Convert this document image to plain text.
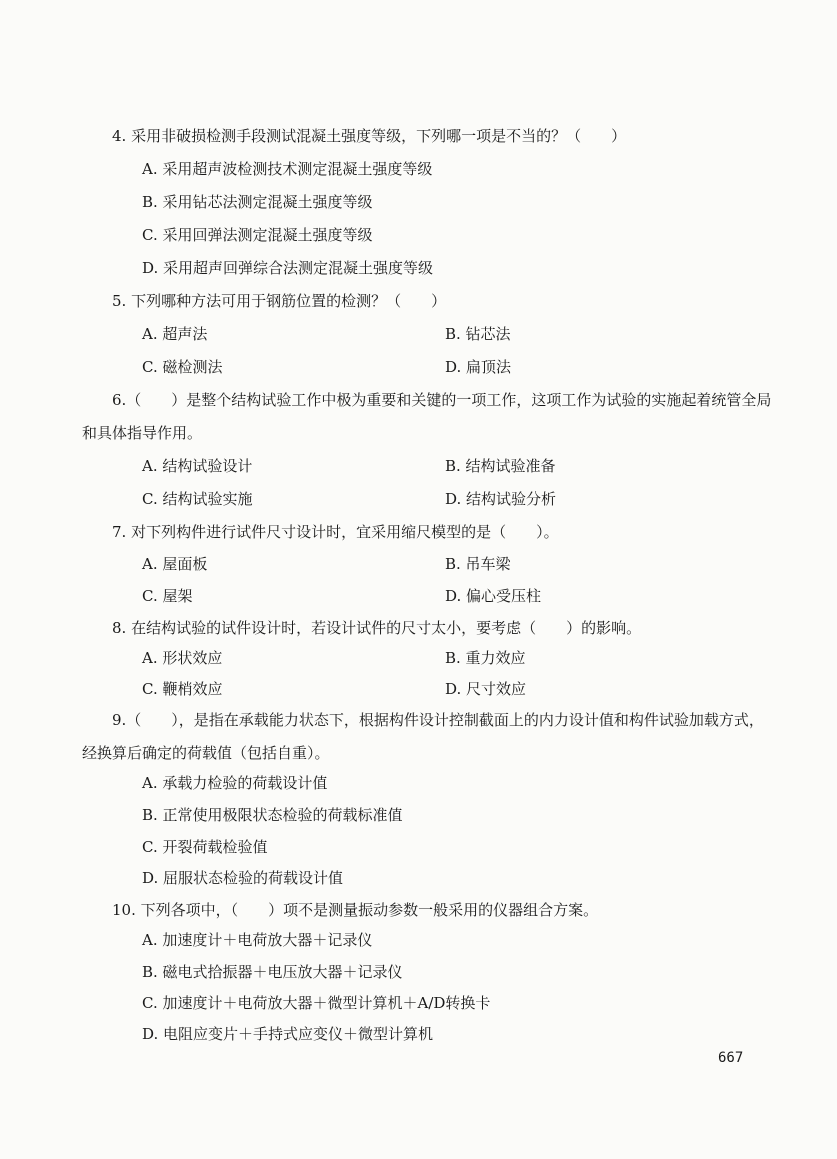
4. 采用非破损检测手段测试混凝土强度等级，下列哪一项是不当的？（　　）
A. 采用超声波检测技术测定混凝土强度等级
B. 采用钻芯法测定混凝土强度等级
C. 采用回弹法测定混凝土强度等级
D. 采用超声回弹综合法测定混凝土强度等级
5. 下列哪种方法可用于钢筋位置的检测？（　　）
A. 超声法	B. 钻芯法
C. 磁检测法	D. 扁顶法
6.（　　）是整个结构试验工作中极为重要和关键的一项工作，这项工作为试验的实施起着统管全局和具体指导作用。
A. 结构试验设计	B. 结构试验准备
C. 结构试验实施	D. 结构试验分析
7. 对下列构件进行试件尺寸设计时，宜采用缩尺模型的是（　　）。
A. 屋面板	B. 吊车梁
C. 屋架	D. 偏心受压柱
8. 在结构试验的试件设计时，若设计试件的尺寸太小，要考虑（　　）的影响。
A. 形状效应	B. 重力效应
C. 鞭梢效应	D. 尺寸效应
9.（　　），是指在承载能力状态下，根据构件设计控制截面上的内力设计值和构件试验加载方式，经换算后确定的荷载值（包括自重）。
A. 承载力检验的荷载设计值
B. 正常使用极限状态检验的荷载标准值
C. 开裂荷载检验值
D. 屈服状态检验的荷载设计值
10. 下列各项中，（　　）项不是测量振动参数一般采用的仪器组合方案。
A. 加速度计＋电荷放大器＋记录仪
B. 磁电式拾振器＋电压放大器＋记录仪
C. 加速度计＋电荷放大器＋微型计算机＋A/D转换卡
D. 电阻应变片＋手持式应变仪＋微型计算机
667
